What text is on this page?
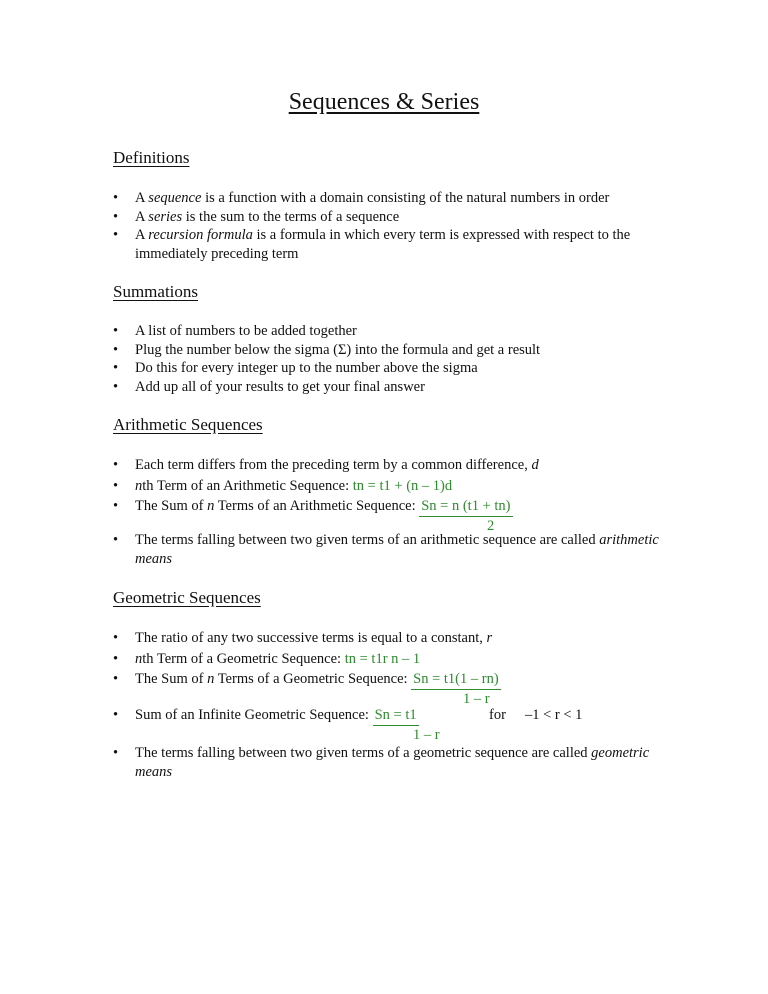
Sequences & Series
Definitions
• A sequence is a function with a domain consisting of the natural numbers in order
• A series is the sum to the terms of a sequence
• A recursion formula is a formula in which every term is expressed with respect to the immediately preceding term
Summations
• A list of numbers to be added together
• Plug the number below the sigma (Σ) into the formula and get a result
• Do this for every integer up to the number above the sigma
• Add up all of your results to get your final answer
Arithmetic Sequences
• Each term differs from the preceding term by a common difference, d
• nth Term of an Arithmetic Sequence: tn = t1 + (n – 1)d
• The Sum of n Terms of an Arithmetic Sequence: Sn = n (t1 + tn)
2
• The terms falling between two given terms of an arithmetic sequence are called arithmetic means
Geometric Sequences
• The ratio of any two successive terms is equal to a constant, r
• nth Term of a Geometric Sequence: tn = t1r n – 1
• The Sum of n Terms of a Geometric Sequence: Sn = t1(1 – rn)
1 – r
• Sum of an Infinite Geometric Sequence: Sn = t1
1 – r
for –1 < r < 1
• The terms falling between two given terms of a geometric sequence are called geometric means
